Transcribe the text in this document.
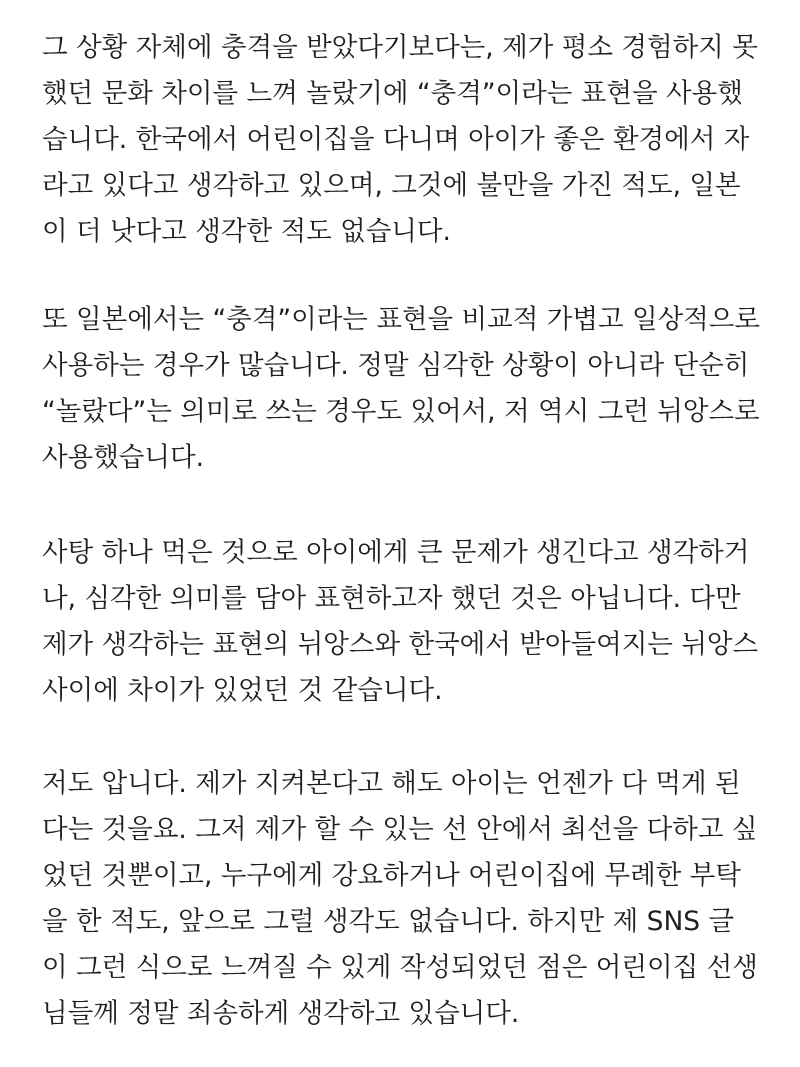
그 상황 자체에 충격을 받았다기보다는, 제가 평소 경험하지 못
했던 문화 차이를 느껴 놀랐기에 “충격”이라는 표현을 사용했
습니다. 한국에서 어린이집을 다니며 아이가 좋은 환경에서 자
라고 있다고 생각하고 있으며, 그것에 불만을 가진 적도, 일본
이 더 낫다고 생각한 적도 없습니다.
또 일본에서는 “충격”이라는 표현을 비교적 가볍고 일상적으로
사용하는 경우가 많습니다. 정말 심각한 상황이 아니라 단순히
“놀랐다”는 의미로 쓰는 경우도 있어서, 저 역시 그런 뉘앙스로
사용했습니다.
사탕 하나 먹은 것으로 아이에게 큰 문제가 생긴다고 생각하거
나, 심각한 의미를 담아 표현하고자 했던 것은 아닙니다. 다만
제가 생각하는 표현의 뉘앙스와 한국에서 받아들여지는 뉘앙스
사이에 차이가 있었던 것 같습니다.
저도 압니다. 제가 지켜본다고 해도 아이는 언젠가 다 먹게 된
다는 것을요. 그저 제가 할 수 있는 선 안에서 최선을 다하고 싶
었던 것뿐이고, 누구에게 강요하거나 어린이집에 무례한 부탁
을 한 적도, 앞으로 그럴 생각도 없습니다. 하지만 제 SNS 글
이 그런 식으로 느껴질 수 있게 작성되었던 점은 어린이집 선생
님들께 정말 죄송하게 생각하고 있습니다.
